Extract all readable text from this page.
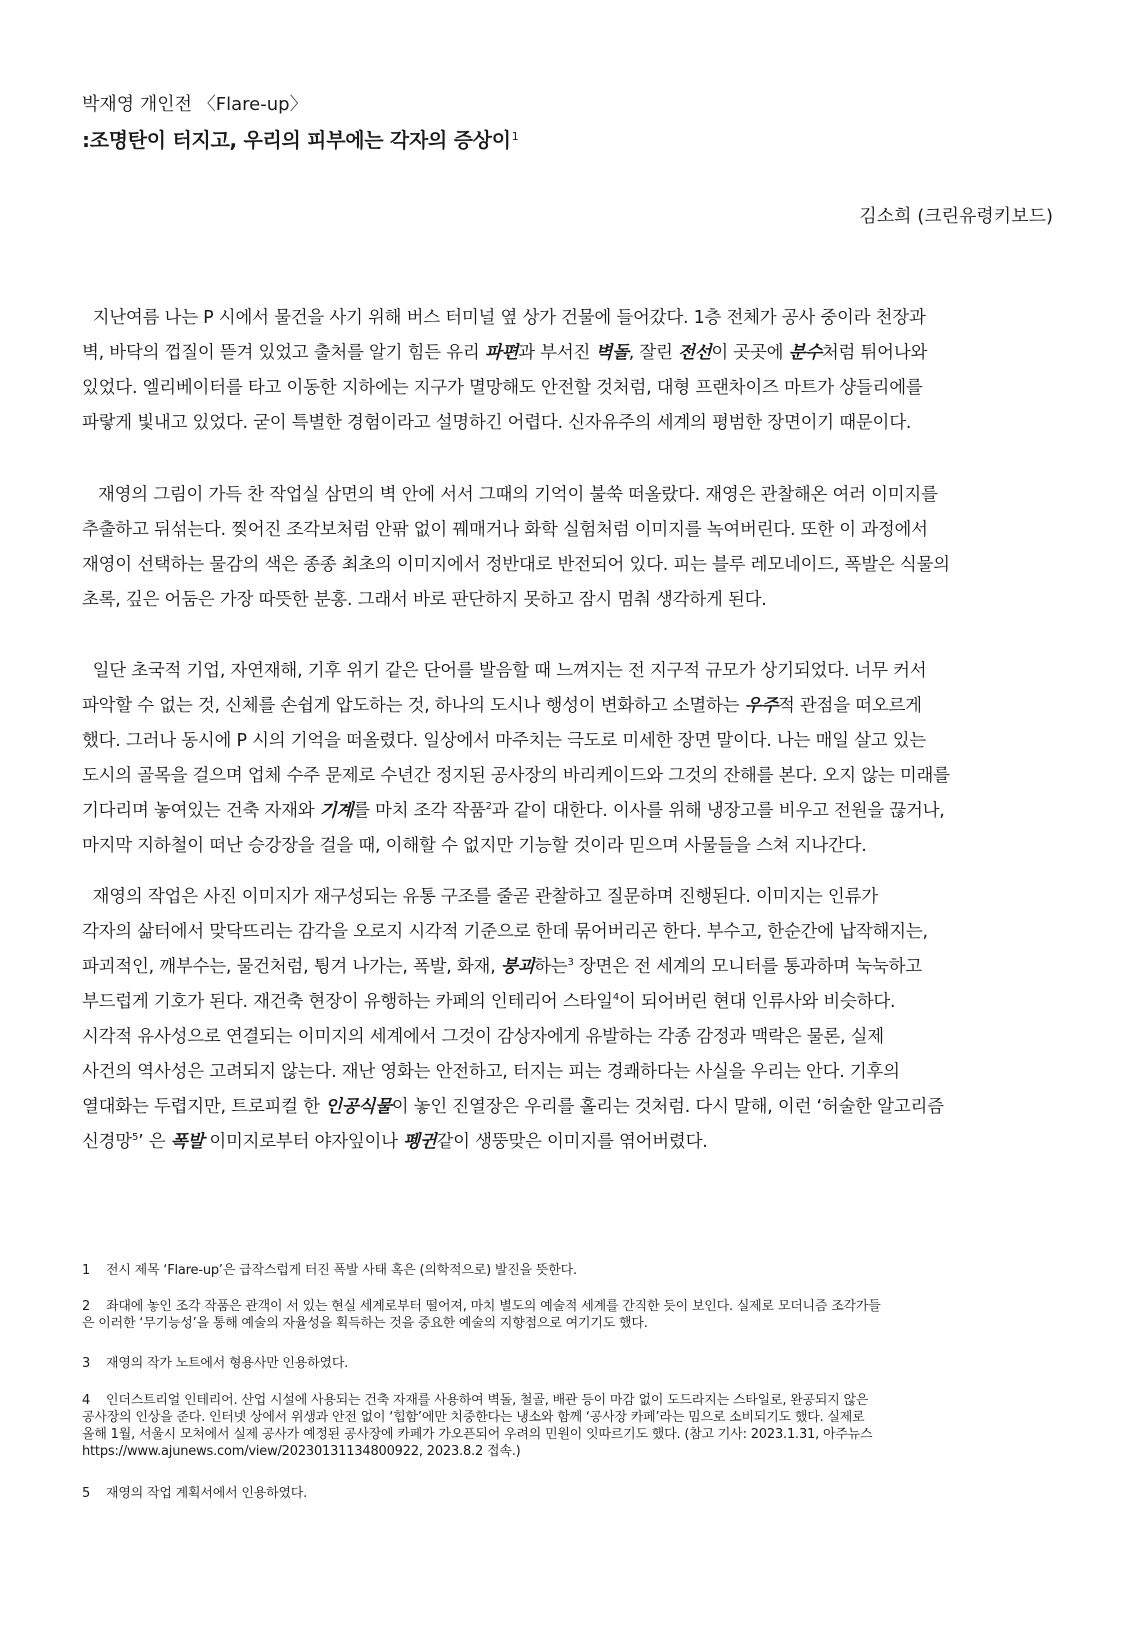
박재영 개인전 〈Flare-up〉
:조명탄이 터지고, 우리의 피부에는 각자의 증상이$^1$
김소희 (크린유령키보드)
지난여름 나는 P 시에서 물건을 사기 위해 버스 터미널 옆 상가 건물에 들어갔다. 1층 전체가 공사 중이라 천장과
벽, 바닥의 껍질이 뜯겨 있었고 출처를 알기 힘든 유리 파편과 부서진 벽돌, 잘린 전선이 곳곳에 분수처럼 튀어나와
있었다. 엘리베이터를 타고 이동한 지하에는 지구가 멸망해도 안전할 것처럼, 대형 프랜차이즈 마트가 샹들리에를
파랗게 빛내고 있었다. 굳이 특별한 경험이라고 설명하긴 어렵다. 신자유주의 세계의 평범한 장면이기 때문이다.
재영의 그림이 가득 찬 작업실 삼면의 벽 안에 서서 그때의 기억이 불쑥 떠올랐다. 재영은 관찰해온 여러 이미지를
추출하고 뒤섞는다. 찢어진 조각보처럼 안팎 없이 꿰매거나 화학 실험처럼 이미지를 녹여버린다. 또한 이 과정에서
재영이 선택하는 물감의 색은 종종 최초의 이미지에서 정반대로 반전되어 있다. 피는 블루 레모네이드, 폭발은 식물의
초록, 깊은 어둠은 가장 따뜻한 분홍. 그래서 바로 판단하지 못하고 잠시 멈춰 생각하게 된다.
일단 초국적 기업, 자연재해, 기후 위기 같은 단어를 발음할 때 느껴지는 전 지구적 규모가 상기되었다. 너무 커서
파악할 수 없는 것, 신체를 손쉽게 압도하는 것, 하나의 도시나 행성이 변화하고 소멸하는 우주적 관점을 떠오르게
했다. 그러나 동시에 P 시의 기억을 떠올렸다. 일상에서 마주치는 극도로 미세한 장면 말이다. 나는 매일 살고 있는
도시의 골목을 걸으며 업체 수주 문제로 수년간 정지된 공사장의 바리케이드와 그것의 잔해를 본다. 오지 않는 미래를
기다리며 놓여있는 건축 자재와 기계를 마치 조각 작품$^2$과 같이 대한다. 이사를 위해 냉장고를 비우고 전원을 끊거나,
마지막 지하철이 떠난 승강장을 걸을 때, 이해할 수 없지만 기능할 것이라 믿으며 사물들을 스쳐 지나간다.
재영의 작업은 사진 이미지가 재구성되는 유통 구조를 줄곧 관찰하고 질문하며 진행된다. 이미지는 인류가
각자의 삶터에서 맞닥뜨리는 감각을 오로지 시각적 기준으로 한데 묶어버리곤 한다. 부수고, 한순간에 납작해지는,
파괴적인, 깨부수는, 물건처럼, 튕겨 나가는, 폭발, 화재, 붕괴하는$^3$ 장면은 전 세계의 모니터를 통과하며 눅눅하고
부드럽게 기호가 된다. 재건축 현장이 유행하는 카페의 인테리어 스타일$^4$이 되어버린 현대 인류사와 비슷하다.
시각적 유사성으로 연결되는 이미지의 세계에서 그것이 감상자에게 유발하는 각종 감정과 맥락은 물론, 실제
사건의 역사성은 고려되지 않는다. 재난 영화는 안전하고, 터지는 피는 경쾌하다는 사실을 우리는 안다. 기후의
열대화는 두렵지만, 트로피컬 한 인공식물이 놓인 진열장은 우리를 홀리는 것처럼. 다시 말해, 이런 ‘허술한 알고리즘
신경망$^5$’ 은 폭발 이미지로부터 야자잎이나 펭귄같이 생뚱맞은 이미지를 엮어버렸다.
1 전시 제목 ‘Flare-up’은 급작스럽게 터진 폭발 사태 혹은 (의학적으로) 발진을 뜻한다.
2 좌대에 놓인 조각 작품은 관객이 서 있는 현실 세계로부터 떨어져, 마치 별도의 예술적 세계를 간직한 듯이 보인다. 실제로 모더니즘 조각가들
은 이러한 ‘무기능성’을 통해 예술의 자율성을 획득하는 것을 중요한 예술의 지향점으로 여기기도 했다.
3 재영의 작가 노트에서 형용사만 인용하였다.
4 인더스트리얼 인테리어. 산업 시설에 사용되는 건축 자재를 사용하여 벽돌, 철골, 배관 등이 마감 없이 도드라지는 스타일로, 완공되지 않은
공사장의 인상을 준다. 인터넷 상에서 위생과 안전 없이 ‘힙함’에만 치중한다는 냉소와 함께 ‘공사장 카페’라는 밈으로 소비되기도 했다. 실제로
올해 1월, 서울시 모처에서 실제 공사가 예정된 공사장에 카페가 가오픈되어 우려의 민원이 잇따르기도 했다. (참고 기사: 2023.1.31, 아주뉴스
https://www.ajunews.com/view/20230131134800922, 2023.8.2 접속.)
5 재영의 작업 계획서에서 인용하였다.
